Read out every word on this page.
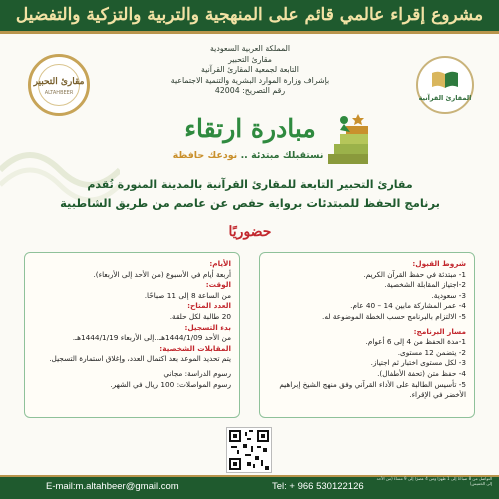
مشروع إقراء عالمي قائم على المنهجية والتربية والتزكية والتفضيل
المملكة العربية السعودية
مقارئ التحبير
التابعة لجمعية المقارئ القرآنية
بإشراف وزارة الموارد البشرية والتنمية الاجتماعية
رقم التصريح: 42004
مقارئ التحبير
ALTAHBEER
المقارئ القرآنية
مبادرة ارتقاء
نستقبلك مبتدئة .. نودعك حافظة
مقارئ التحبير التابعة للمقارئ القرآنية بالمدينة المنورة تُقدم
برنامج الحفظ للمبتدئات برواية حفص عن عاصم من طريق الشاطبية
حضوريًا
الأيام:
أربعة أيام في الأسبوع (من الأحد إلى الأربعاء).
الوقت:
من الساعة 8 إلى 11 صباحًا.
العدد المتاح:
20 طالبة لكل حلقة.
بدء التسجيل:
من الأحد 1444/1/09هـ..إلى الأربعاء 1444/1/19هـ.
المقابلات الشخصية:
يتم تحديد الموعد بعد اكتمال العدد، وإغلاق استمارة التسجيل.
رسوم الدراسة: مجاني
رسوم المواصلات: 100 ريال في الشهر.
شروط القبول:
1- مبتدئة في حفظ القرآن الكريم.
2-اجتياز المقابلة الشخصية.
3- سعودية.
4- عمر المشاركة مابين 14 – 40 عام.
5- الالتزام بالبرنامج حسب الخطة الموضوعة له.
مسار البرنامج:
1-مدة الحفظ من 4 إلى 6 أعوام.
2- يتضمن 12 مستوى.
3- لكل مستوى اختبار ثم اجتياز.
4- حفظ متن (تحفة الأطفال).
5- تأسيس الطالبة على الأداء القرآني وفق منهج الشيخ إبراهيم الأخضر في الإقراء.
E-mail:m.altahbeer@gmail.com	Tel: + 966 530122126
التواصل من 8 صباحًا إلى 1 ظهرًا ومن 4 عصرًا إلى 9 مساءً (من الأحد إلى الخميس)
